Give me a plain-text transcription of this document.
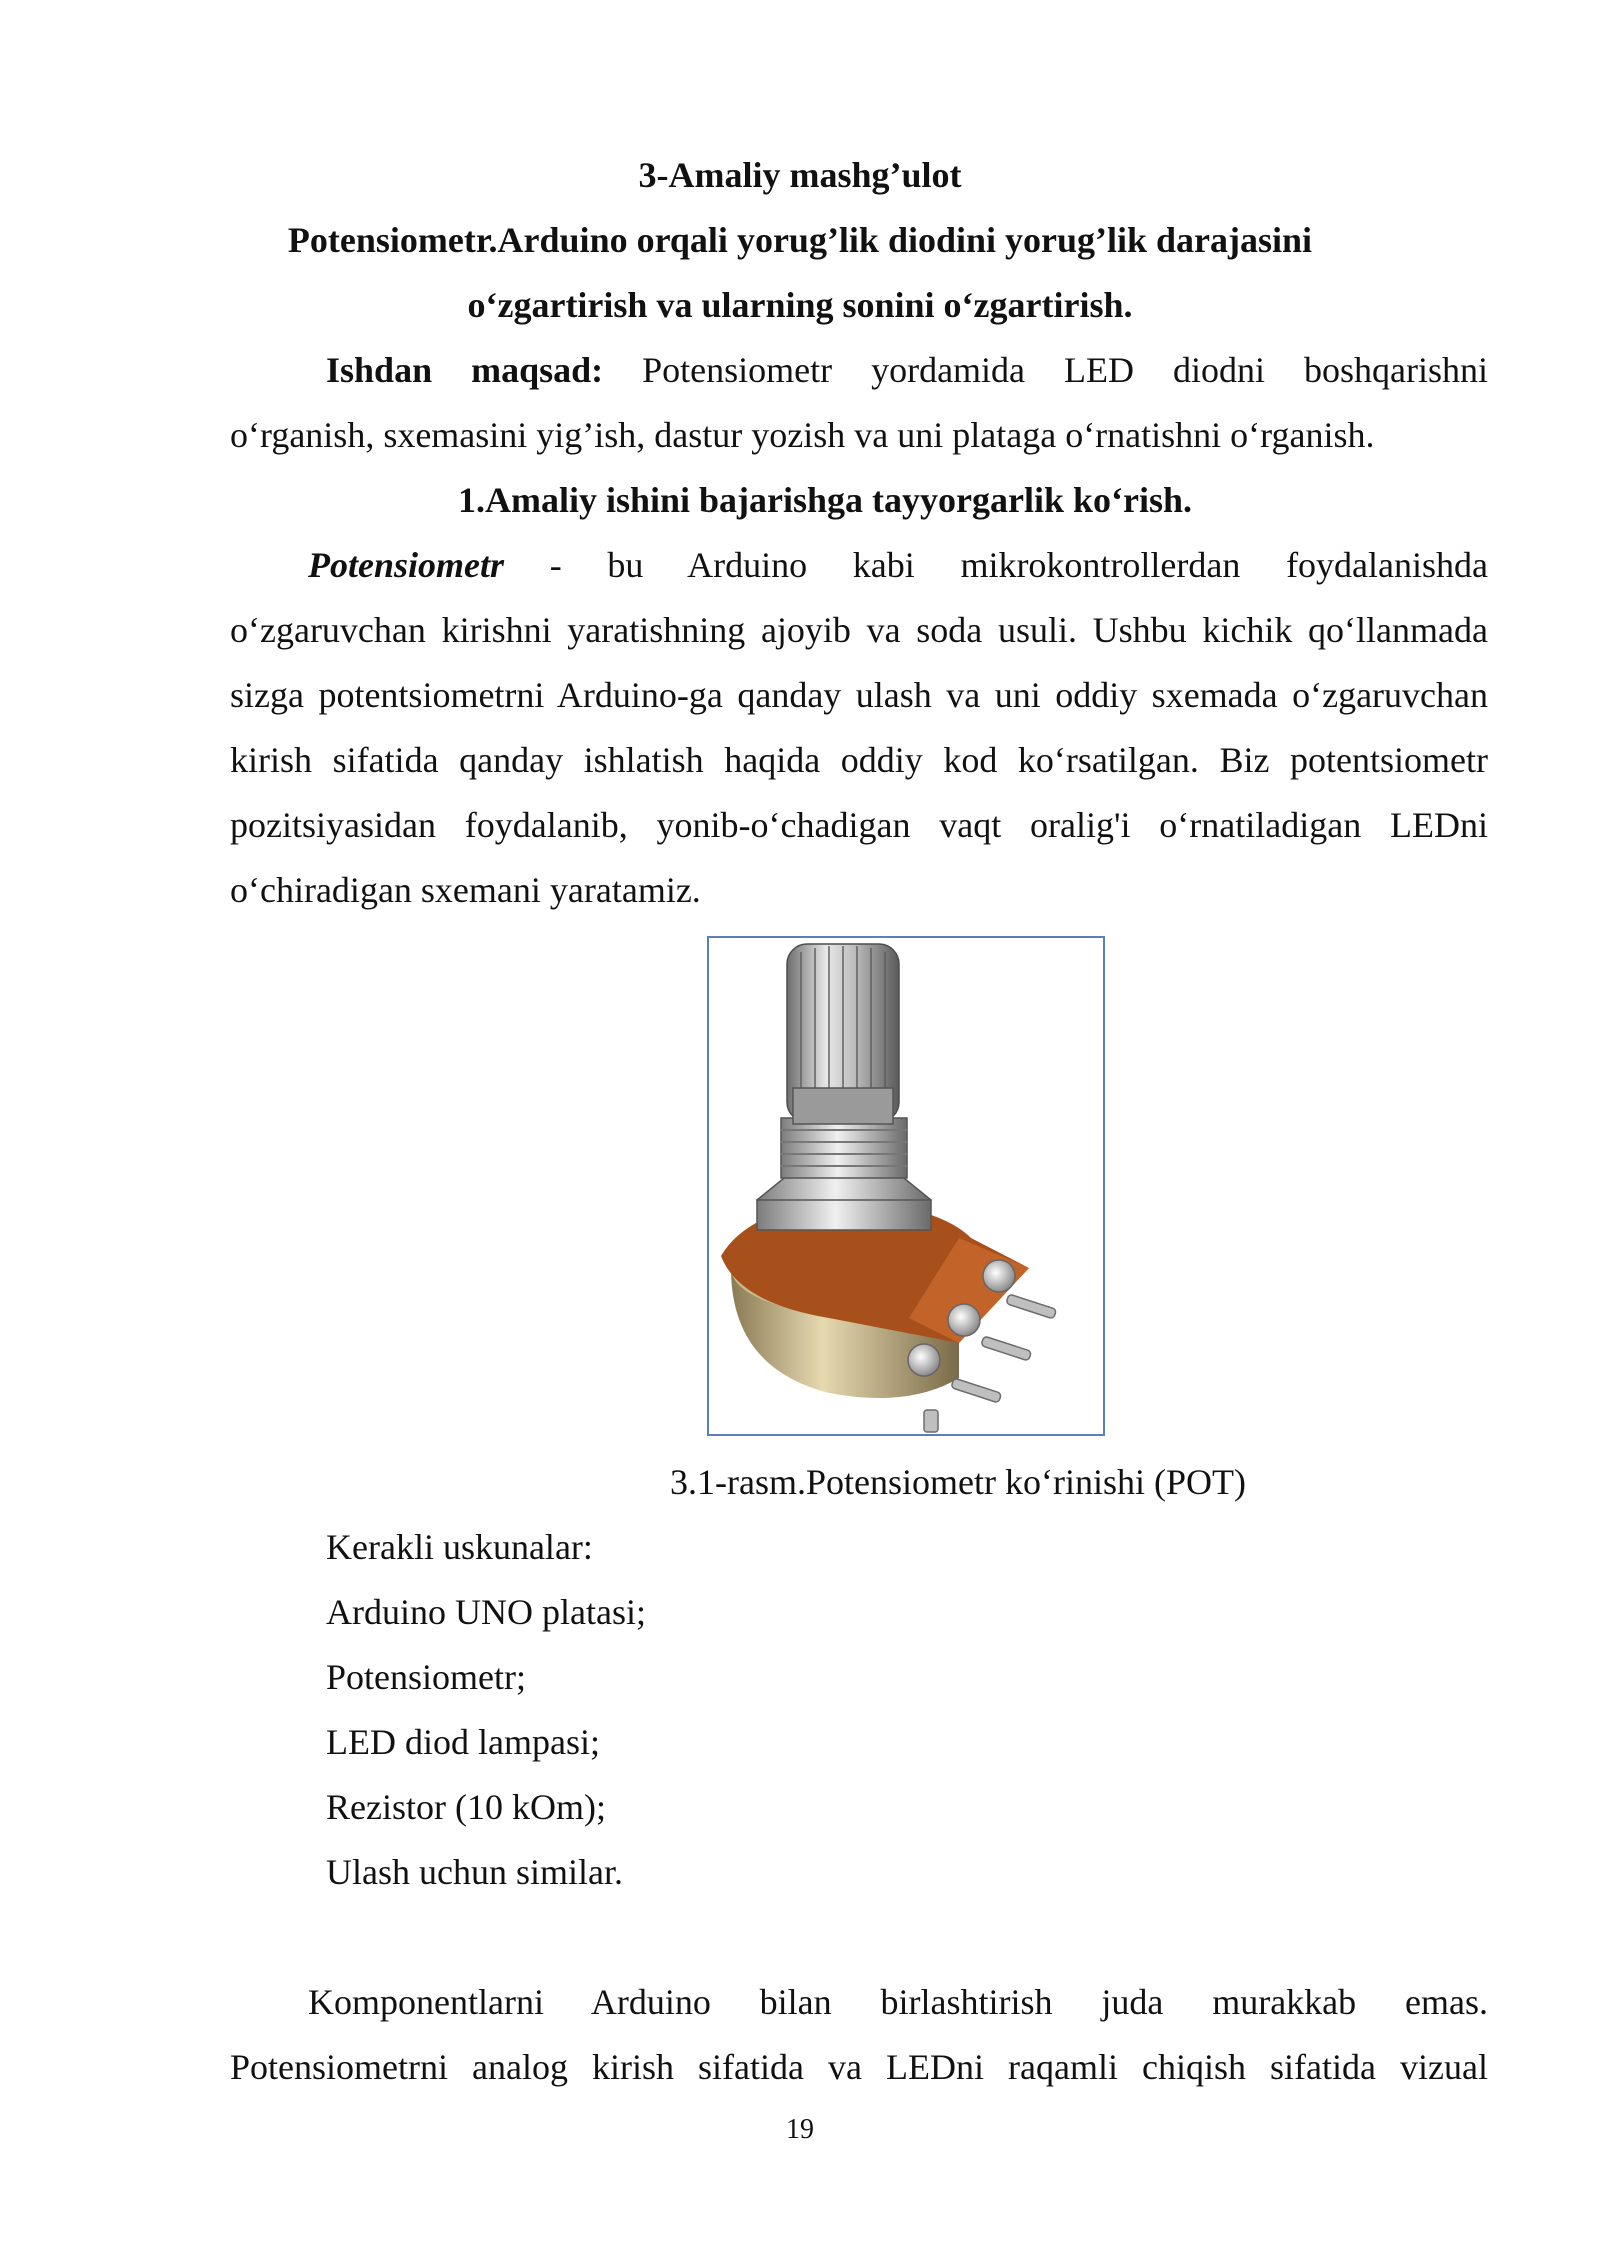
3-Amaliy mashg’ulot
Potensiometr.Arduino orqali yorug’lik diodini yorug’lik darajasini
o‘zgartirish va ularning sonini o‘zgartirish.
Ishdan maqsad: Potensiometr yordamida LED diodni boshqarishni
o‘rganish, sxemasini yig’ish, dastur yozish va uni plataga o‘rnatishni o‘rganish.
1.Amaliy ishini bajarishga tayyorgarlik ko‘rish.
Potensiometr - bu Arduino kabi mikrokontrollerdan foydalanishda
o‘zgaruvchan kirishni yaratishning ajoyib va soda usuli. Ushbu kichik qo‘llanmada
sizga potentsiometrni Arduino-ga qanday ulash va uni oddiy sxemada o‘zgaruvchan
kirish sifatida qanday ishlatish haqida oddiy kod ko‘rsatilgan. Biz potentsiometr
pozitsiyasidan foydalanib, yonib-o‘chadigan vaqt oralig'i o‘rnatiladigan LEDni
o‘chiradigan sxemani yaratamiz.
3.1-rasm.Potensiometr ko‘rinishi (POT)
Kerakli uskunalar:
Arduino UNO platasi;
Potensiometr;
LED diod lampasi;
Rezistor (10 kOm);
Ulash uchun similar.
Komponentlarni Arduino bilan birlashtirish juda murakkab emas.
Potensiometrni analog kirish sifatida va LEDni raqamli chiqish sifatida vizual
19
